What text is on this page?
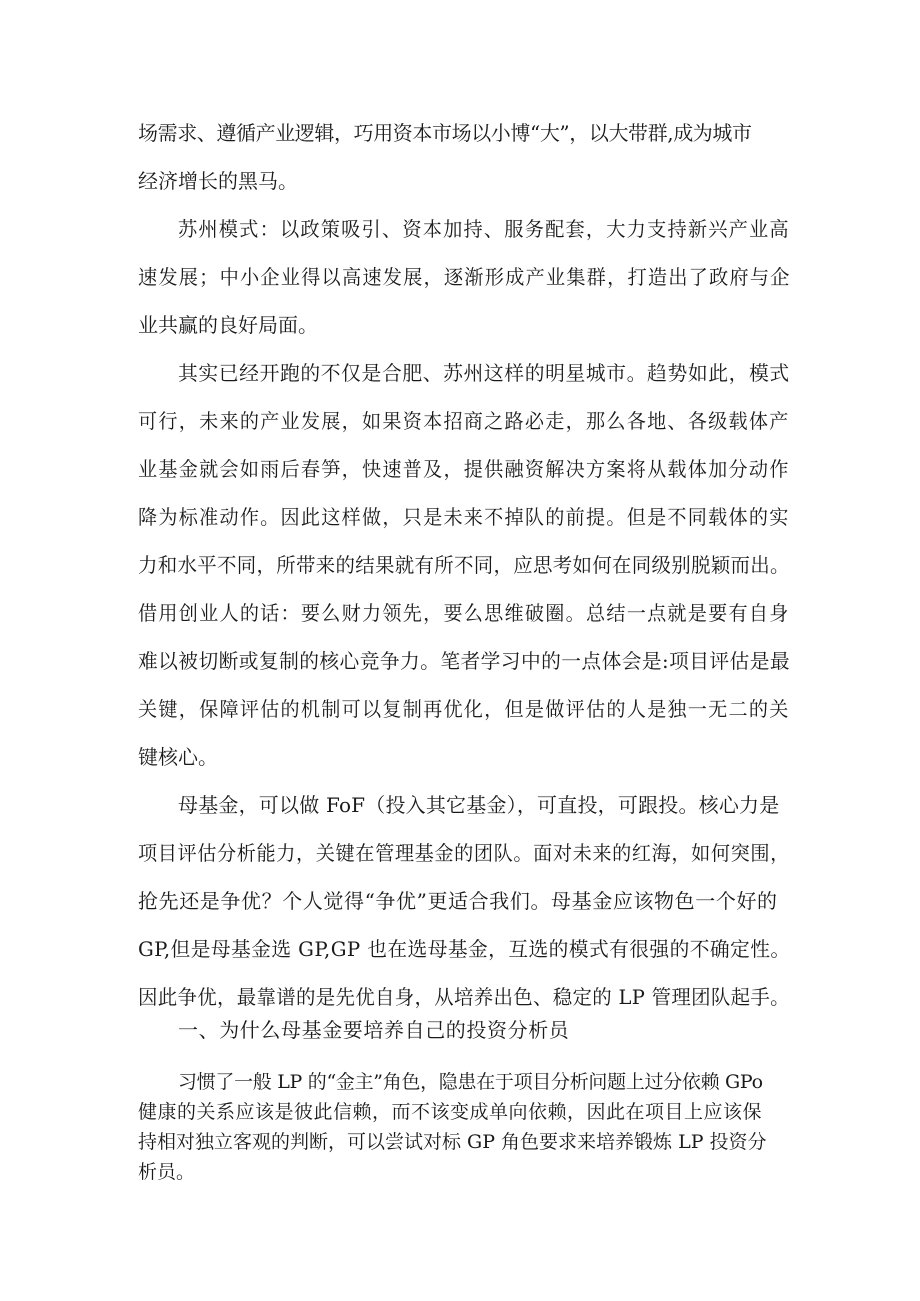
场需求、遵循产业逻辑，巧用资本市场以小博“大”，以大带群,成为城市
经济增长的黑马。
苏州模式：以政策吸引、资本加持、服务配套，大力支持新兴产业高
速发展；中小企业得以高速发展，逐渐形成产业集群，打造出了政府与企
业共赢的良好局面。
其实已经开跑的不仅是合肥、苏州这样的明星城市。趋势如此，模式
可行，未来的产业发展，如果资本招商之路必走，那么各地、各级载体产
业基金就会如雨后春笋，快速普及，提供融资解决方案将从载体加分动作
降为标准动作。因此这样做，只是未来不掉队的前提。但是不同载体的实
力和水平不同，所带来的结果就有所不同，应思考如何在同级别脱颖而出。
借用创业人的话：要么财力领先，要么思维破圈。总结一点就是要有自身
难以被切断或复制的核心竞争力。笔者学习中的一点体会是:项目评估是最
关键，保障评估的机制可以复制再优化，但是做评估的人是独一无二的关
键核心。
母基金，可以做 FoF（投入其它基金），可直投，可跟投。核心力是
项目评估分析能力，关键在管理基金的团队。面对未来的红海，如何突围，
抢先还是争优？个人觉得“争优”更适合我们。母基金应该物色一个好的
GP,但是母基金选 GP,GP 也在选母基金，互选的模式有很强的不确定性。
因此争优，最靠谱的是先优自身，从培养出色、稳定的 LP 管理团队起手。
一、为什么母基金要培养自己的投资分析员
习惯了一般 LP 的“金主”角色，隐患在于项目分析问题上过分依赖 GPo
健康的关系应该是彼此信赖，而不该变成单向依赖，因此在项目上应该保
持相对独立客观的判断，可以尝试对标 GP 角色要求来培养锻炼 LP 投资分
析员。
